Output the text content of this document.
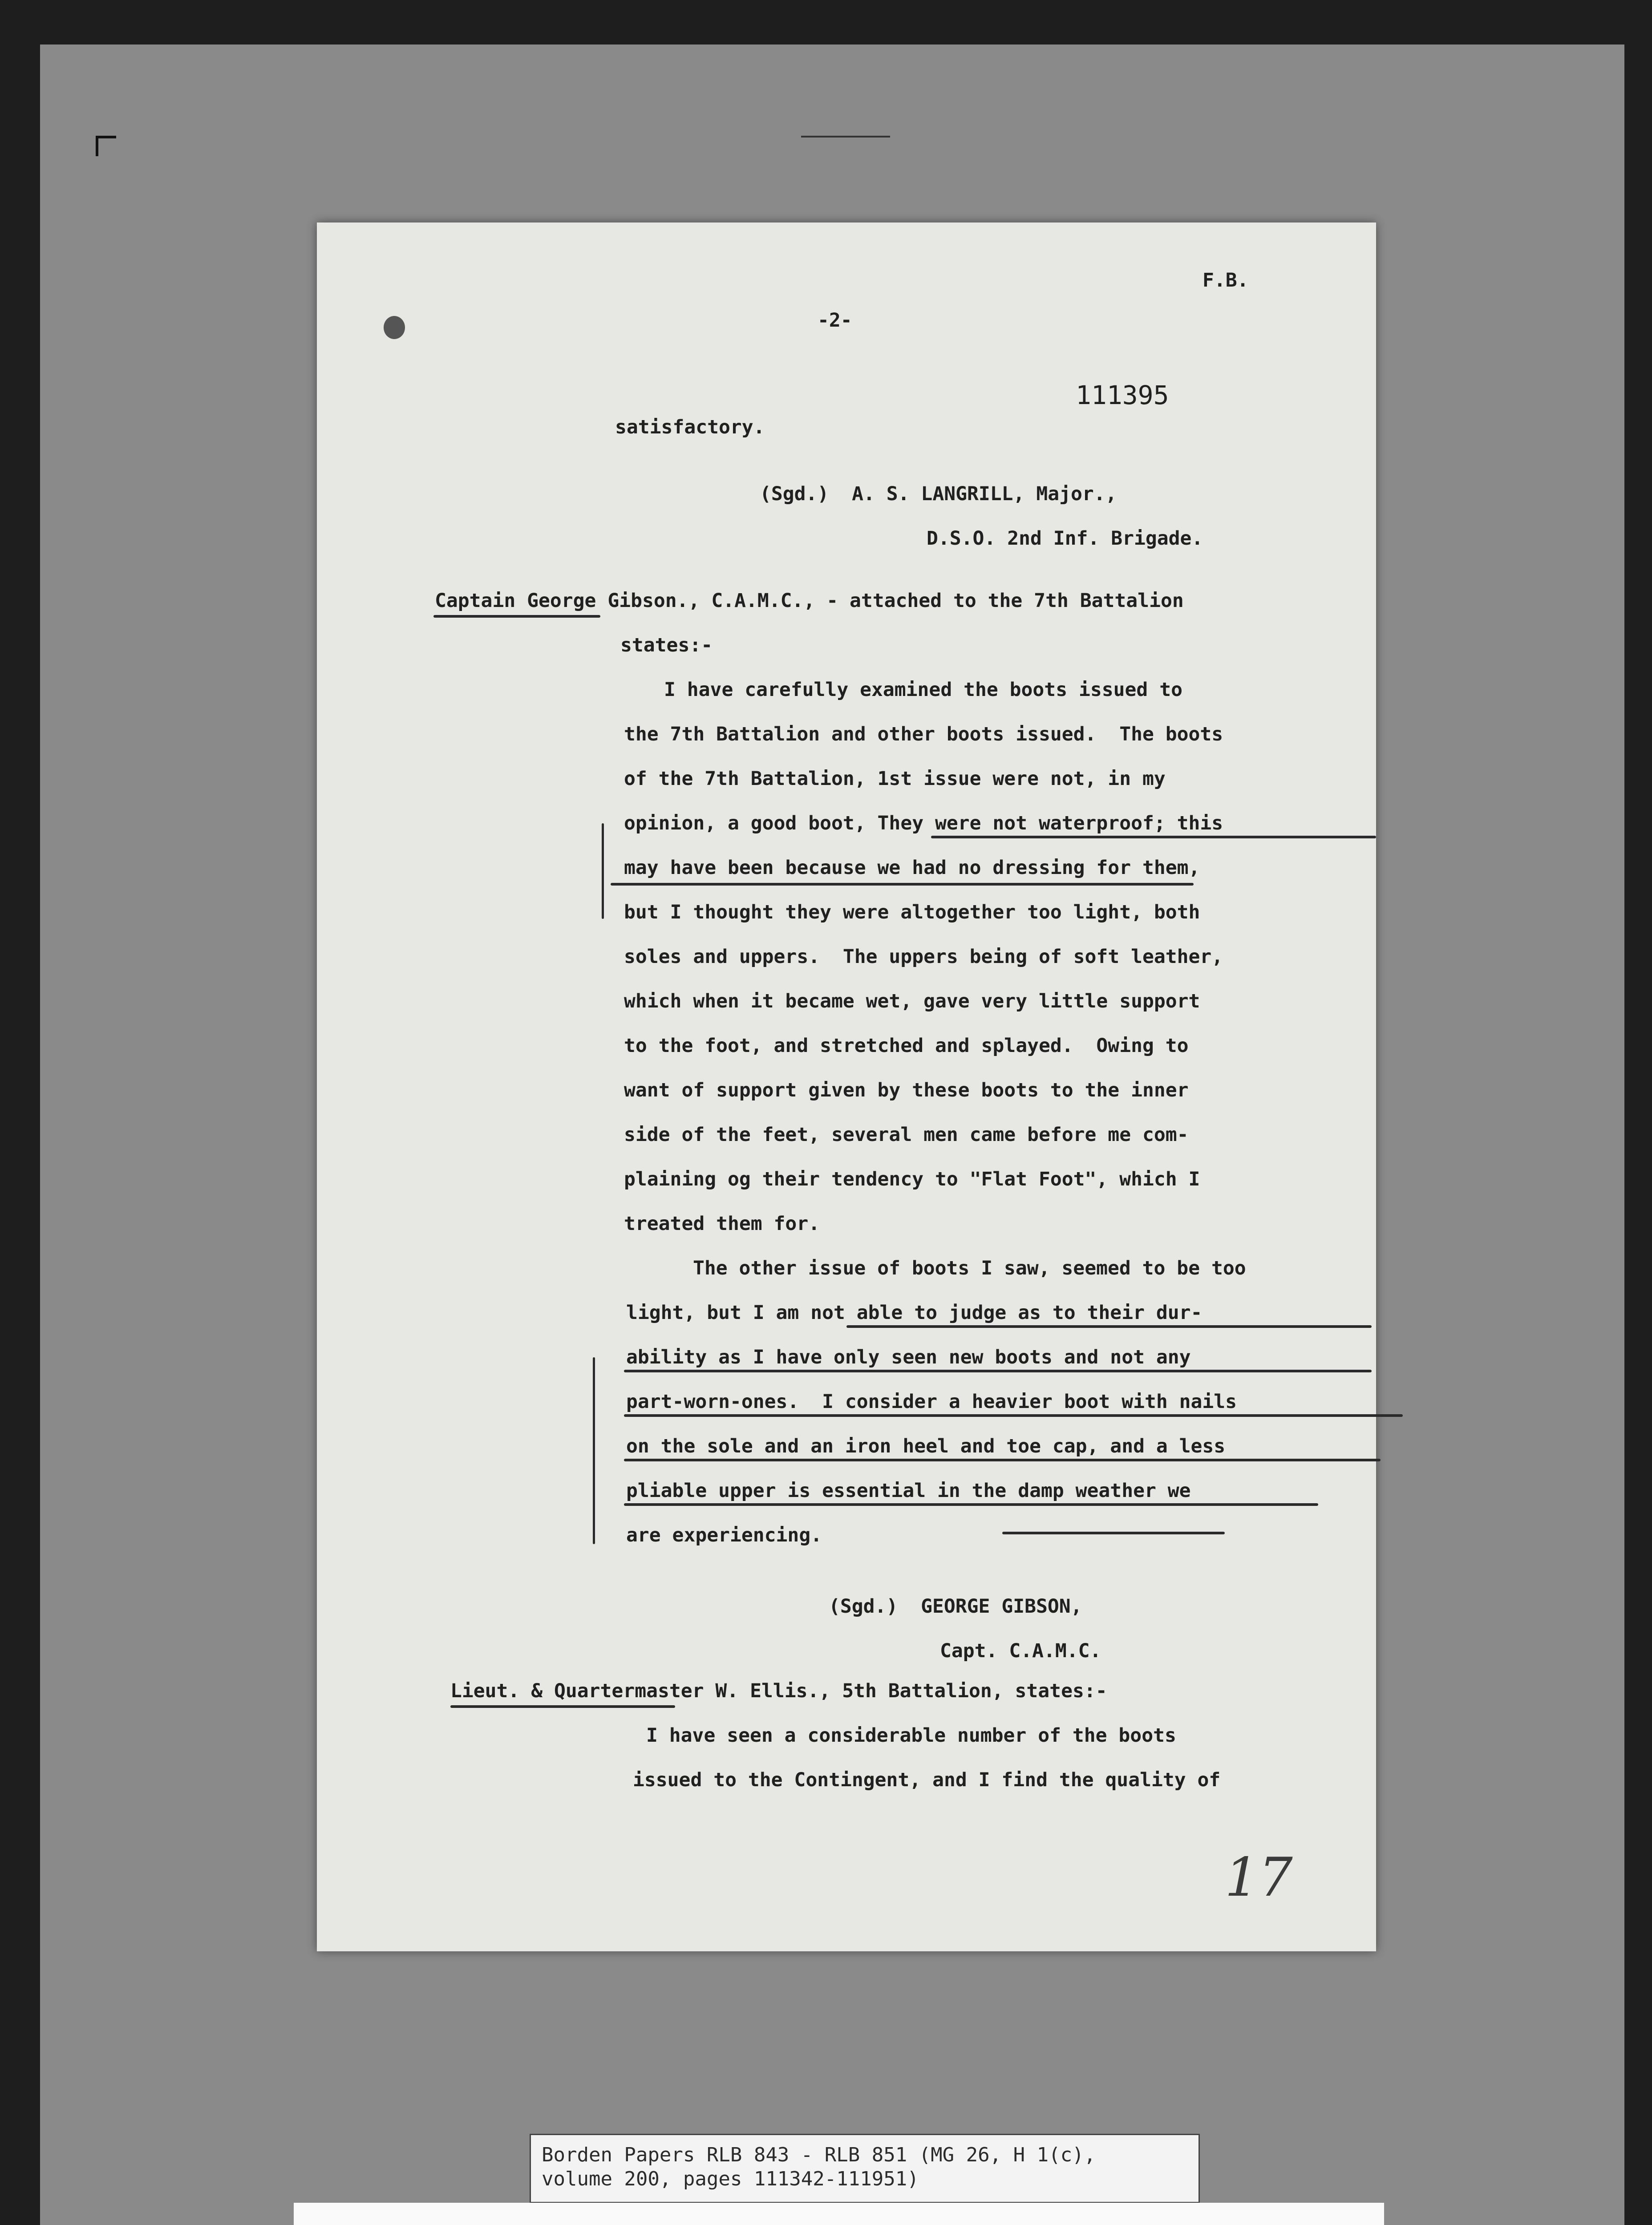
F.B.
-2-
111395
satisfactory.
(Sgd.)  A. S. LANGRILL, Major.,
D.S.O. 2nd Inf. Brigade.
Captain George Gibson., C.A.M.C., - attached to the 7th Battalion
states:-
I have carefully examined the boots issued to
the 7th Battalion and other boots issued.  The boots
of the 7th Battalion, 1st issue were not, in my
opinion, a good boot, They were not waterproof; this
may have been because we had no dressing for them,
but I thought they were altogether too light, both
soles and uppers.  The uppers being of soft leather,
which when it became wet, gave very little support
to the foot, and stretched and splayed.  Owing to
want of support given by these boots to the inner
side of the feet, several men came before me com-
plaining og their tendency to "Flat Foot", which I
treated them for.
The other issue of boots I saw, seemed to be too
light, but I am not able to judge as to their dur-
ability as I have only seen new boots and not any
part-worn-ones.  I consider a heavier boot with nails
on the sole and an iron heel and toe cap, and a less
pliable upper is essential in the damp weather we
are experiencing.
(Sgd.)  GEORGE GIBSON,
Capt. C.A.M.C.
Lieut. & Quartermaster W. Ellis., 5th Battalion, states:-
I have seen a considerable number of the boots
issued to the Contingent, and I find the quality of
17
Borden Papers RLB 843 - RLB 851 (MG 26, H 1(c),
volume 200, pages 111342-111951)
